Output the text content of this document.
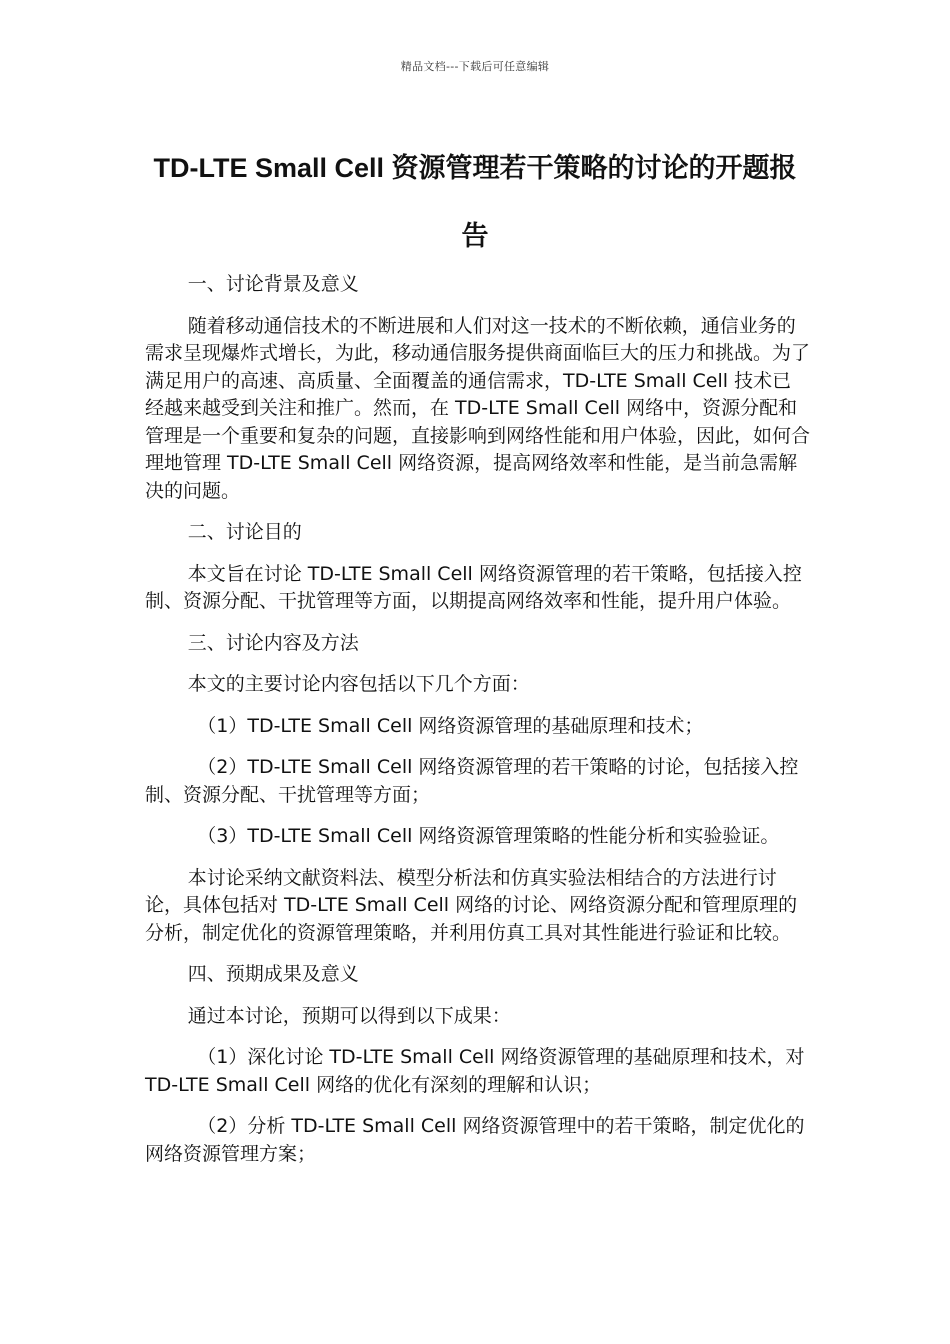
精品文档---下载后可任意编辑
TD-LTE Small Cell 资源管理若干策略的讨论的开题报告

一、讨论背景及意义

随着移动通信技术的不断进展和人们对这一技术的不断依赖，通信业务的需求呈现爆炸式增长，为此，移动通信服务提供商面临巨大的压力和挑战。为了满足用户的高速、高质量、全面覆盖的通信需求，TD-LTE Small Cell 技术已经越来越受到关注和推广。然而，在 TD-LTE Small Cell 网络中，资源分配和管理是一个重要和复杂的问题，直接影响到网络性能和用户体验，因此，如何合理地管理 TD-LTE Small Cell 网络资源，提高网络效率和性能，是当前急需解决的问题。

二、讨论目的

本文旨在讨论 TD-LTE Small Cell 网络资源管理的若干策略，包括接入控制、资源分配、干扰管理等方面，以期提高网络效率和性能，提升用户体验。

三、讨论内容及方法

本文的主要讨论内容包括以下几个方面：

（1）TD-LTE Small Cell 网络资源管理的基础原理和技术；

（2）TD-LTE Small Cell 网络资源管理的若干策略的讨论，包括接入控制、资源分配、干扰管理等方面；

（3）TD-LTE Small Cell 网络资源管理策略的性能分析和实验验证。

本讨论采纳文献资料法、模型分析法和仿真实验法相结合的方法进行讨论，具体包括对 TD-LTE Small Cell 网络的讨论、网络资源分配和管理原理的分析，制定优化的资源管理策略，并利用仿真工具对其性能进行验证和比较。

四、预期成果及意义

通过本讨论，预期可以得到以下成果：

（1）深化讨论 TD-LTE Small Cell 网络资源管理的基础原理和技术，对 TD-LTE Small Cell 网络的优化有深刻的理解和认识；

（2）分析 TD-LTE Small Cell 网络资源管理中的若干策略，制定优化的网络资源管理方案；
